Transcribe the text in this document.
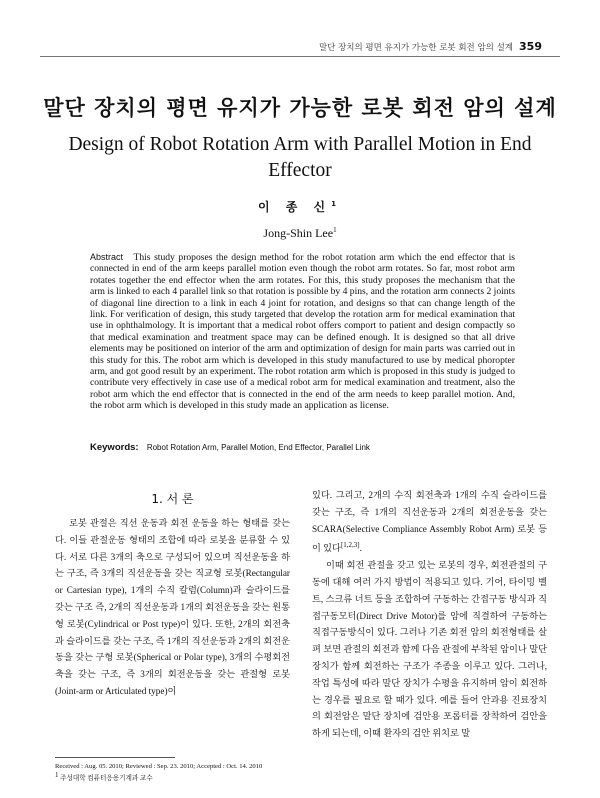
말단 장치의 평면 유지가 가능한 로봇 회전 암의 설계 359
말단 장치의 평면 유지가 가능한 로봇 회전 암의 설계
Design of Robot Rotation Arm with Parallel Motion in End Effector
이 종 신$^1$
Jong-Shin Lee$^1$
Abstract This study proposes the design method for the robot rotation arm which the end effector that is connected in end of the arm keeps parallel motion even though the robot arm rotates. So far, most robot arm rotates together the end effector when the arm rotates. For this, this study proposes the mechanism that the arm is linked to each 4 parallel link so that rotation is possible by 4 pins, and the rotation arm connects 2 joints of diagonal line direction to a link in each 4 joint for rotation, and designs so that can change length of the link. For verification of design, this study targeted that develop the rotation arm for medical examination that use in ophthalmology. It is important that a medical robot offers comport to patient and design compactly so that medical examination and treatment space may can be defined enough. It is designed so that all drive elements may be positioned on interior of the arm and optimization of design for main parts was carried out in this study for this. The robot arm which is developed in this study manufactured to use by medical phoropter arm, and got good result by an experiment. The robot rotation arm which is proposed in this study is judged to contribute very effectively in case use of a medical robot arm for medical examination and treatment, also the robot arm which the end effector that is connected in the end of the arm needs to keep parallel motion. And, the robot arm which is developed in this study made an application as license.
Keywords: Robot Rotation Arm, Parallel Motion, End Effector, Parallel Link
1. 서 론

로봇 관절은 직선 운동과 회전 운동을 하는 형태를 갖는다. 이들 관절운동 형태의 조합에 따라 로봇을 분류할 수 있다. 서로 다른 3개의 축으로 구성되어 있으며 직선운동을 하는 구조, 즉 3개의 직선운동을 갖는 직교형 로봇(Rectangular or Cartesian type), 1개의 수직 칼럼(Column)과 슬라이드를 갖는 구조 즉, 2개의 직선운동과 1개의 회전운동을 갖는 원통형 로봇(Cylindrical or Post type)이 있다. 또한, 2개의 회전축과 슬라이드를 갖는 구조, 즉 1개의 직선운동과 2개의 회전운동을 갖는 구형 로봇(Spherical or Polar type), 3개의 수평회전축을 갖는 구조, 즉 3개의 회전운동을 갖는 관절형 로봇(Joint-arm or Articulated type)이

있다. 그리고, 2개의 수직 회전축과 1개의 수직 슬라이드를 갖는 구조, 즉 1개의 직선운동과 2개의 회전운동을 갖는 SCARA(Selective Compliance Assembly Robot Arm) 로봇 등이 있다[1,2,3].

이때 회전 관절을 갖고 있는 로봇의 경우, 회전관절의 구동에 대해 여러 가지 방법이 적용되고 있다. 기어, 타이밍 벨트, 스크류 너트 등을 조합하여 구동하는 간접구동 방식과 직접구동모터(Direct Drive Motor)를 암에 직결하여 구동하는 직접구동방식이 있다. 그러나 기존 회전 암의 회전형태를 살펴 보면 관절의 회전과 함께 다음 관절에 부착된 암이나 말단 장치가 함께 회전하는 구조가 주종을 이루고 있다. 그러나, 작업 특성에 따라 말단 장치가 수평을 유지하며 암이 회전하는 경우를 필요로 할 때가 있다. 예를 들어 안과용 진료장치의 회전암은 말단 장치에 검안용 포롭터를 장착하여 검안을 하게 되는데, 이때 환자의 검안 위치로 말

Received : Aug. 05. 2010; Reviewed : Sep. 23. 2010; Accepted : Oct. 14. 2010
$^1$ 주성대학 컴퓨터응용기계과 교수
